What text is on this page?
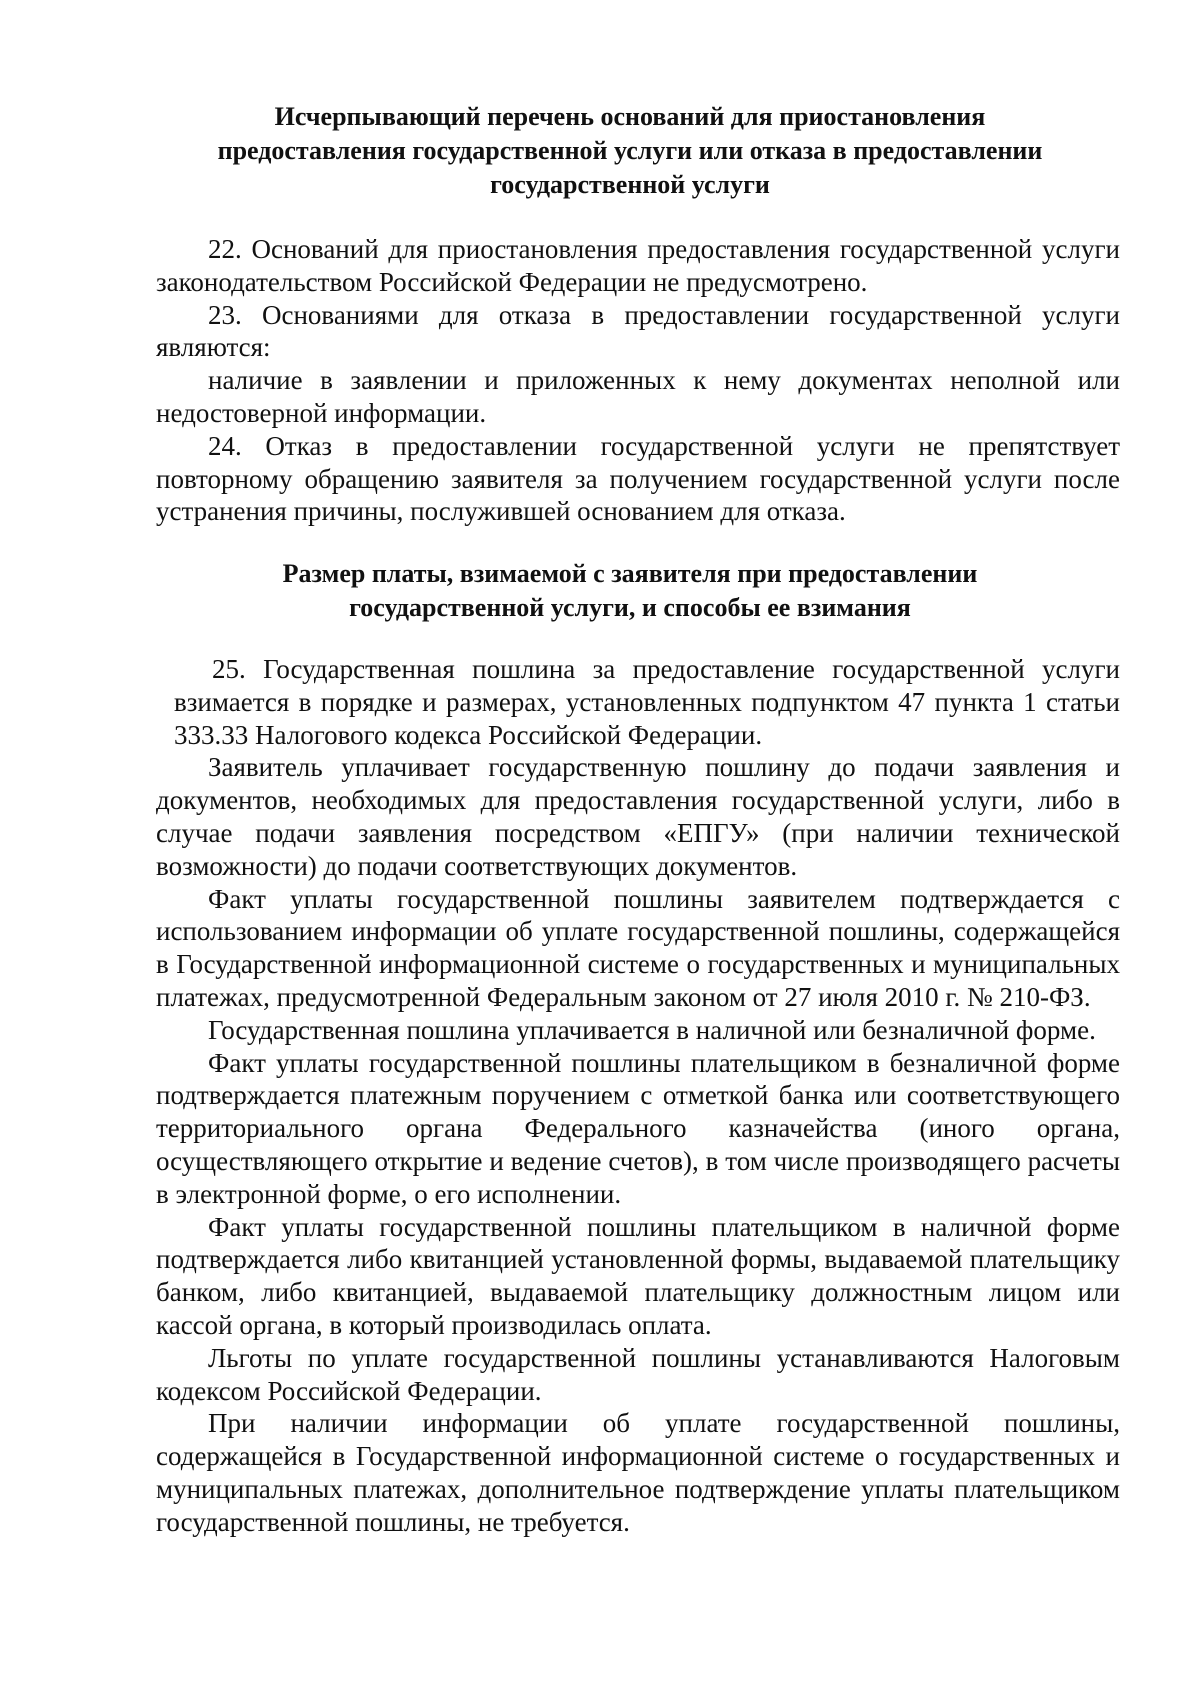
Исчерпывающий перечень оснований для приостановления
предоставления государственной услуги или отказа в предоставлении
государственной услуги

22. Оснований для приостановления предоставления государственной услуги законодательством Российской Федерации не предусмотрено.

23. Основаниями для отказа в предоставлении государственной услуги являются:

наличие в заявлении и приложенных к нему документах неполной или недостоверной информации.

24. Отказ в предоставлении государственной услуги не препятствует повторному обращению заявителя за получением государственной услуги после устранения причины, послужившей основанием для отказа.

Размер платы, взимаемой с заявителя при предоставлении
государственной услуги, и способы ее взимания

25. Государственная пошлина за предоставление государственной услуги взимается в порядке и размерах, установленных подпунктом 47 пункта 1 статьи 333.33 Налогового кодекса Российской Федерации.

Заявитель уплачивает государственную пошлину до подачи заявления и документов, необходимых для предоставления государственной услуги, либо в случае подачи заявления посредством «ЕПГУ» (при наличии технической возможности) до подачи соответствующих документов.

Факт уплаты государственной пошлины заявителем подтверждается с использованием информации об уплате государственной пошлины, содержащейся в Государственной информационной системе о государственных и муниципальных платежах, предусмотренной Федеральным законом от 27 июля 2010 г. № 210-ФЗ.

Государственная пошлина уплачивается в наличной или безналичной форме.

Факт уплаты государственной пошлины плательщиком в безналичной форме подтверждается платежным поручением с отметкой банка или соответствующего территориального органа Федерального казначейства (иного органа, осуществляющего открытие и ведение счетов), в том числе производящего расчеты в электронной форме, о его исполнении.

Факт уплаты государственной пошлины плательщиком в наличной форме подтверждается либо квитанцией установленной формы, выдаваемой плательщику банком, либо квитанцией, выдаваемой плательщику должностным лицом или кассой органа, в который производилась оплата.

Льготы по уплате государственной пошлины устанавливаются Налоговым кодексом Российской Федерации.

При наличии информации об уплате государственной пошлины, содержащейся в Государственной информационной системе о государственных и муниципальных платежах, дополнительное подтверждение уплаты плательщиком государственной пошлины, не требуется.
